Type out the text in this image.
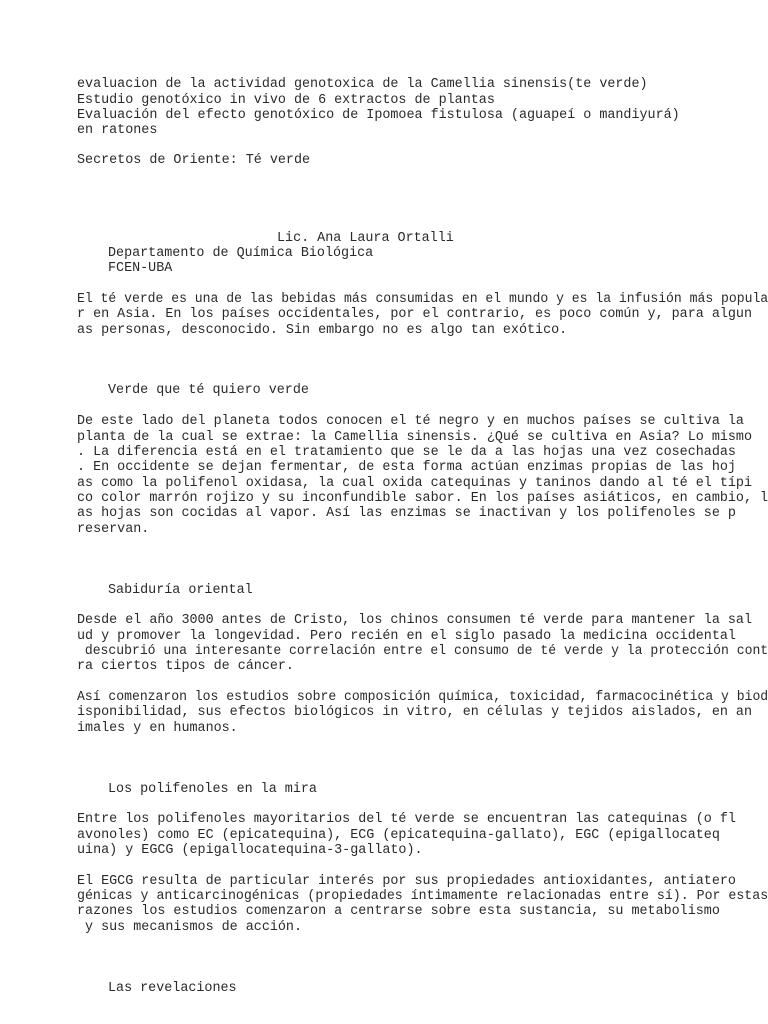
evaluacion de la actividad genotoxica de la Camellia sinensis(te verde)
Estudio genotóxico in vivo de 6 extractos de plantas
Evaluación del efecto genotóxico de Ipomoea fistulosa (aguapeí o mandiyurá)
en ratones
Secretos de Oriente: Té verde
Lic. Ana Laura Ortalli
Departamento de Química Biológica
FCEN-UBA
El té verde es una de las bebidas más consumidas en el mundo y es la infusión más popula
r en Asia. En los países occidentales, por el contrario, es poco común y, para algun
as personas, desconocido. Sin embargo no es algo tan exótico.
Verde que té quiero verde
De este lado del planeta todos conocen el té negro y en muchos países se cultiva la
planta de la cual se extrae: la Camellia sinensis. ¿Qué se cultiva en Asia? Lo mismo
. La diferencia está en el tratamiento que se le da a las hojas una vez cosechadas
. En occidente se dejan fermentar, de esta forma actúan enzimas propias de las hoj
as como la polifenol oxidasa, la cual oxida catequinas y taninos dando al té el típi
co color marrón rojizo y su inconfundible sabor. En los países asiáticos, en cambio, l
as hojas son cocidas al vapor. Así las enzimas se inactivan y los polifenoles se p
reservan.
Sabiduría oriental
Desde el año 3000 antes de Cristo, los chinos consumen té verde para mantener la sal
ud y promover la longevidad. Pero recién en el siglo pasado la medicina occidental
descubrió una interesante correlación entre el consumo de té verde y la protección cont
ra ciertos tipos de cáncer.
Así comenzaron los estudios sobre composición química, toxicidad, farmacocinética y biod
isponibilidad, sus efectos biológicos in vitro, en células y tejidos aislados, en an
imales y en humanos.
Los polifenoles en la mira
Entre los polifenoles mayoritarios del té verde se encuentran las catequinas (o fl
avonoles) como EC (epicatequina), ECG (epicatequina-gallato), EGC (epigallocateq
uina) y EGCG (epigallocatequina-3-gallato).
El EGCG resulta de particular interés por sus propiedades antioxidantes, antiatero
génicas y anticarcinogénicas (propiedades íntimamente relacionadas entre sí). Por estas
razones los estudios comenzaron a centrarse sobre esta sustancia, su metabolismo
y sus mecanismos de acción.
Las revelaciones
